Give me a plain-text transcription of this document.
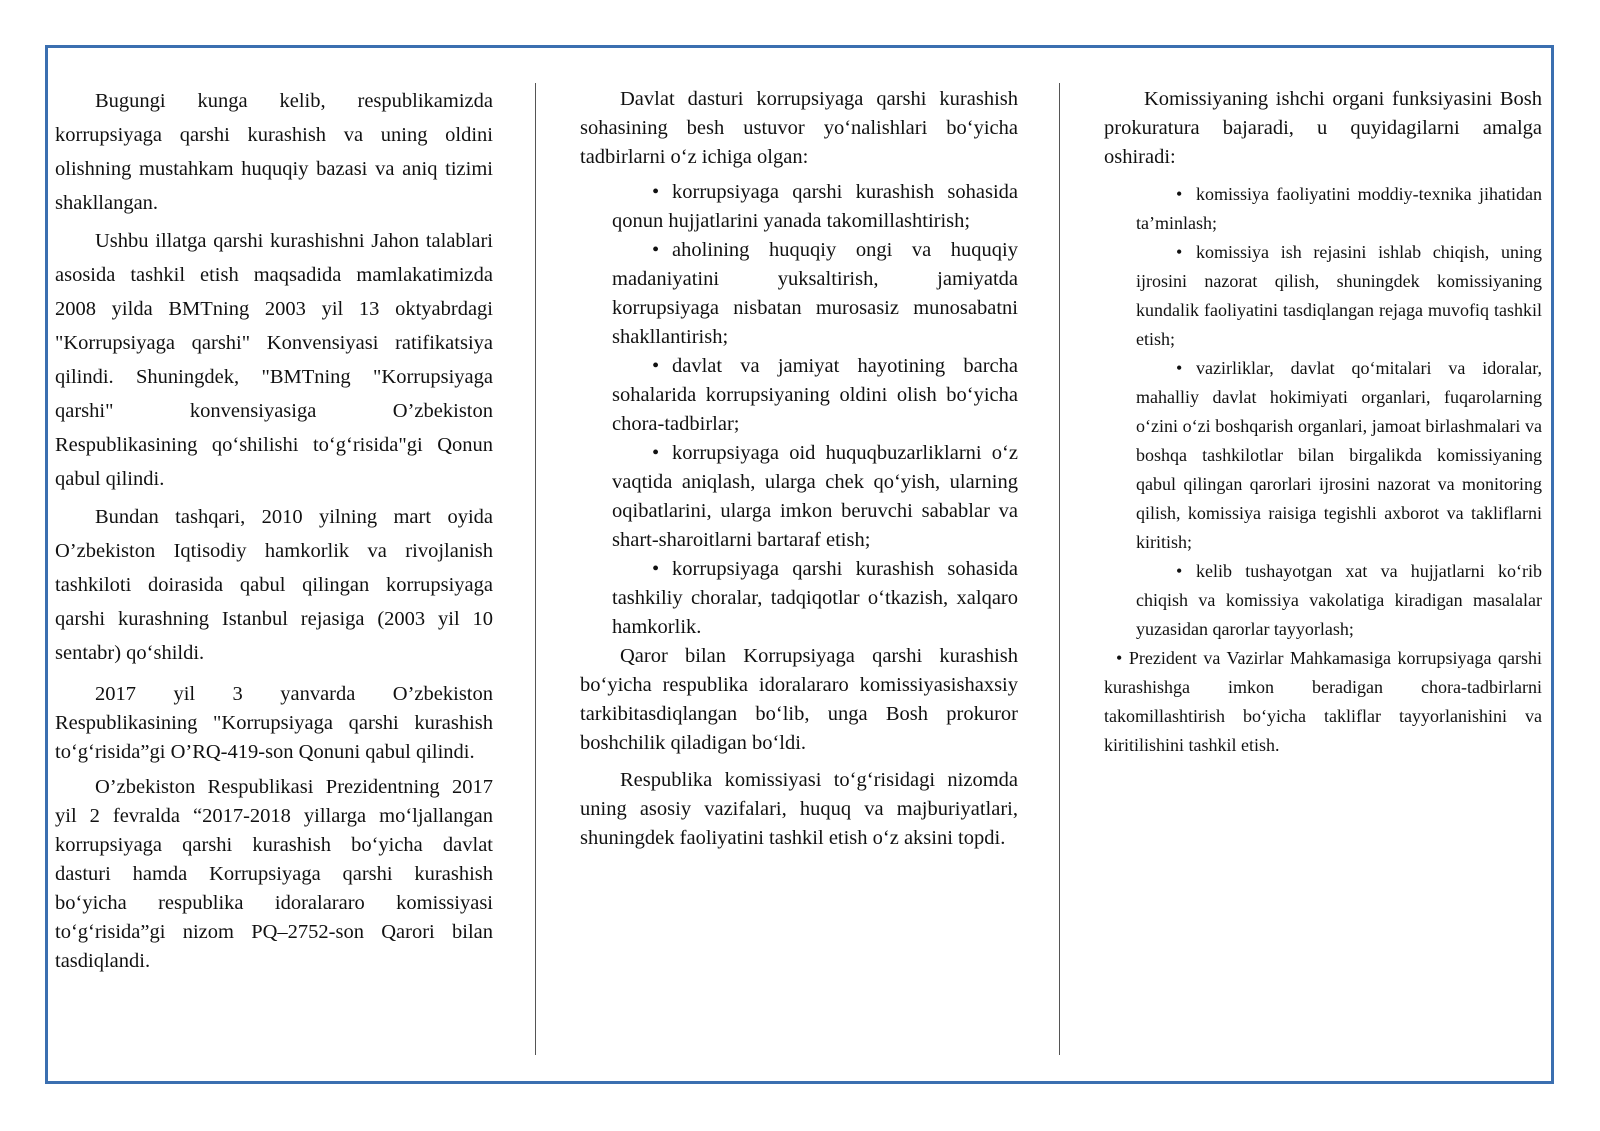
Bugungi kunga kelib, respublikamizda korrupsiyaga qarshi kurashish va uning oldini olishning mustahkam huquqiy bazasi va aniq tizimi shakllangan.

Ushbu illatga qarshi kurashishni Jahon talablari asosida tashkil etish maqsadida mamlakatimizda 2008 yilda BMTning 2003 yil 13 oktyabrdagi "Korrupsiyaga qarshi" Konvensiyasi ratifikatsiya qilindi. Shuningdek, "BMTning "Korrupsiyaga qarshi" konvensiyasiga O’zbekiston Respublikasining qo‘shilishi to‘g‘risida"gi Qonun qabul qilindi.

Bundan tashqari, 2010 yilning mart oyida O’zbekiston Iqtisodiy hamkorlik va rivojlanish tashkiloti doirasida qabul qilingan korrupsiyaga qarshi kurashning Istanbul rejasiga (2003 yil 10 sentabr) qo‘shildi.

2017 yil 3 yanvarda O’zbekiston Respublikasining "Korrupsiyaga qarshi kurashish to‘g‘risida”gi O’RQ-419-son Qonuni qabul qilindi.

O’zbekiston Respublikasi Prezidentning 2017 yil 2 fevralda “2017-2018 yillarga mo‘ljallangan korrupsiyaga qarshi kurashish bo‘yicha davlat dasturi hamda Korrupsiyaga qarshi kurashish bo‘yicha respublika idoralararo komissiyasi to‘g‘risida”gi nizom PQ–2752-son Qarori bilan tasdiqlandi.

Davlat dasturi korrupsiyaga qarshi kurashish sohasining besh ustuvor yo‘nalishlari bo‘yicha tadbirlarni o‘z ichiga olgan:

• korrupsiyaga qarshi kurashish sohasida qonun hujjatlarini yanada takomillashtirish;

• aholining huquqiy ongi va huquqiy madaniyatini yuksaltirish, jamiyatda korrupsiyaga nisbatan murosasiz munosabatni shakllantirish;

• davlat va jamiyat hayotining barcha sohalarida korrupsiyaning oldini olish bo‘yicha chora-tadbirlar;

• korrupsiyaga oid huquqbuzarliklarni o‘z vaqtida aniqlash, ularga chek qo‘yish, ularning oqibatlarini, ularga imkon beruvchi sabablar va shart-sharoitlarni bartaraf etish;

• korrupsiyaga qarshi kurashish sohasida tashkiliy choralar, tadqiqotlar o‘tkazish, xalqaro hamkorlik.

Qaror bilan Korrupsiyaga qarshi kurashish bo‘yicha respublika idoralararo komissiyasishaxsiy tarkibitasdiqlangan bo‘lib, unga Bosh prokuror boshchilik qiladigan bo‘ldi.

Respublika komissiyasi to‘g‘risidagi nizomda uning asosiy vazifalari, huquq va majburiyatlari, shuningdek faoliyatini tashkil etish o‘z aksini topdi.

Komissiyaning ishchi organi funksiyasini Bosh prokuratura bajaradi, u quyidagilarni amalga oshiradi:

• komissiya faoliyatini moddiy-texnika jihatidan ta’minlash;

• komissiya ish rejasini ishlab chiqish, uning ijrosini nazorat qilish, shuningdek komissiyaning kundalik faoliyatini tasdiqlangan rejaga muvofiq tashkil etish;

• vazirliklar, davlat qo‘mitalari va idoralar, mahalliy davlat hokimiyati organlari, fuqarolarning o‘zini o‘zi boshqarish organlari, jamoat birlashmalari va boshqa tashkilotlar bilan birgalikda komissiyaning qabul qilingan qarorlari ijrosini nazorat va monitoring qilish, komissiya raisiga tegishli axborot va takliflarni kiritish;

• kelib tushayotgan xat va hujjatlarni ko‘rib chiqish va komissiya vakolatiga kiradigan masalalar yuzasidan qarorlar tayyorlash;

• Prezident va Vazirlar Mahkamasiga korrupsiyaga qarshi kurashishga imkon beradigan chora-tadbirlarni takomillashtirish bo‘yicha takliflar tayyorlanishini va kiritilishini tashkil etish.
